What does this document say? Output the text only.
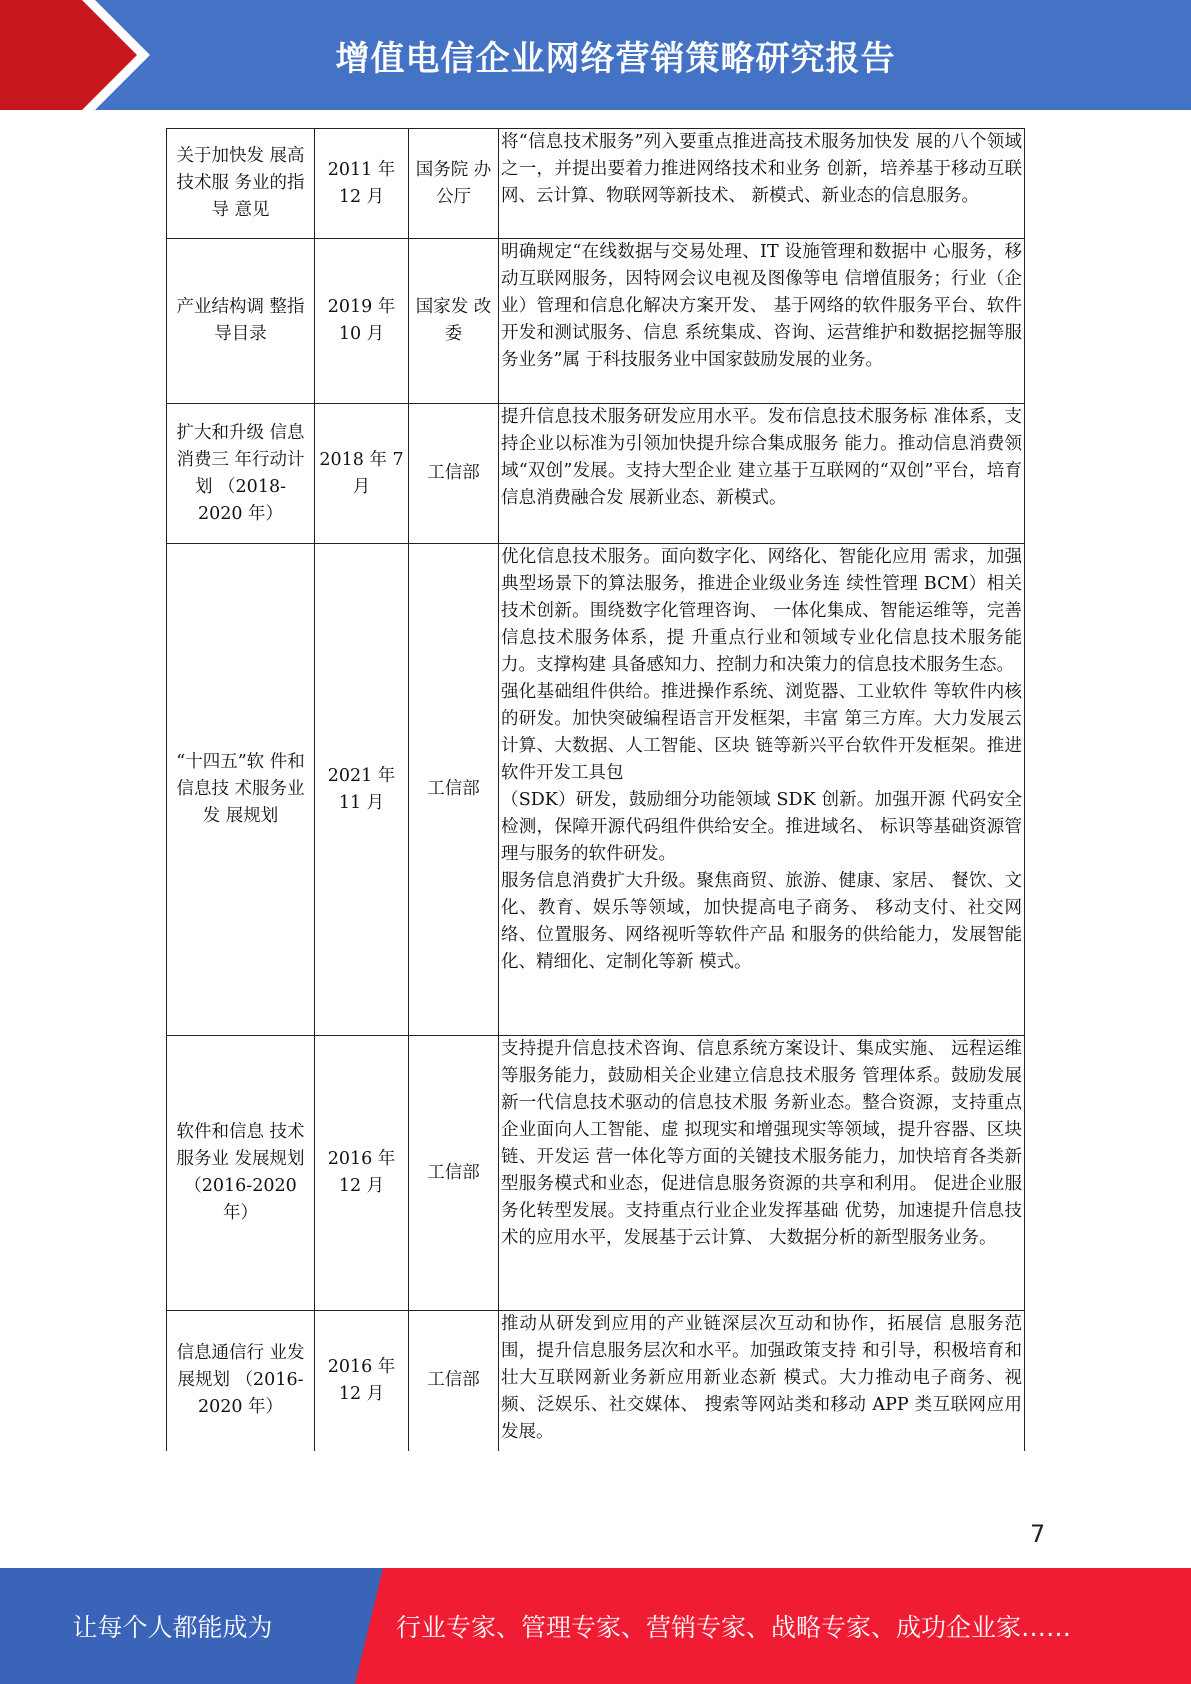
增值电信企业网络营销策略研究报告
关于加快发 展高技术服 务业的指导 意见	2011 年 12 月	国务院 办公厅	将“信息技术服务”列入要重点推进高技术服务加快发 展的八个领域之一，并提出要着力推进网络技术和业务 创新，培养基于移动互联网、云计算、物联网等新技术、 新模式、新业态的信息服务。

产业结构调 整指导目录	2019 年 10 月	国家发 改委	明确规定“在线数据与交易处理、IT 设施管理和数据中 心服务，移动互联网服务，因特网会议电视及图像等电 信增值服务；行业（企业）管理和信息化解决方案开发、 基于网络的软件服务平台、软件开发和测试服务、信息 系统集成、咨询、运营维护和数据挖掘等服务业务”属 于科技服务业中国家鼓励发展的业务。

扩大和升级 信息消费三 年行动计划 （2018-2020 年）	2018 年 7 月	工信部	提升信息技术服务研发应用水平。发布信息技术服务标 准体系，支持企业以标准为引领加快提升综合集成服务 能力。推动信息消费领域“双创”发展。支持大型企业 建立基于互联网的“双创”平台，培育信息消费融合发 展新业态、新模式。

“十四五”软 件和信息技 术服务业发 展规划	2021 年 11 月	工信部	优化信息技术服务。面向数字化、网络化、智能化应用 需求，加强典型场景下的算法服务，推进企业级业务连 续性管理 BCM）相关技术创新。围绕数字化管理咨询、 一体化集成、智能运维等，完善信息技术服务体系，提 升重点行业和领域专业化信息技术服务能力。支撑构建 具备感知力、控制力和决策力的信息技术服务生态。

强化基础组件供给。推进操作系统、浏览器、工业软件 等软件内核的研发。加快突破编程语言开发框架，丰富 第三方库。大力发展云计算、大数据、人工智能、区块 链等新兴平台软件开发框架。推进软件开发工具包

（SDK）研发，鼓励细分功能领域 SDK 创新。加强开源 代码安全检测，保障开源代码组件供给安全。推进域名、 标识等基础资源管理与服务的软件研发。

服务信息消费扩大升级。聚焦商贸、旅游、健康、家居、 餐饮、文化、教育、娱乐等领域，加快提高电子商务、 移动支付、社交网络、位置服务、网络视听等软件产品 和服务的供给能力，发展智能化、精细化、定制化等新 模式。

软件和信息 技术服务业 发展规划 （2016-2020 年）	2016 年 12 月	工信部	支持提升信息技术咨询、信息系统方案设计、集成实施、 远程运维等服务能力，鼓励相关企业建立信息技术服务 管理体系。鼓励发展新一代信息技术驱动的信息技术服 务新业态。整合资源，支持重点企业面向人工智能、虚 拟现实和增强现实等领域，提升容器、区块链、开发运 营一体化等方面的关键技术服务能力，加快培育各类新 型服务模式和业态，促进信息服务资源的共享和利用。 促进企业服务化转型发展。支持重点行业企业发挥基础 优势，加速提升信息技术的应用水平，发展基于云计算、 大数据分析的新型服务业务。

信息通信行 业发展规划 （2016-2020 年）	2016 年 12 月	工信部	推动从研发到应用的产业链深层次互动和协作，拓展信 息服务范围，提升信息服务层次和水平。加强政策支持 和引导，积极培育和壮大互联网新业务新应用新业态新 模式。大力推动电子商务、视频、泛娱乐、社交媒体、 搜索等网站类和移动 APP 类互联网应用发展。

7
让每个人都能成为	行业专家、管理专家、营销专家、战略专家、成功企业家……
